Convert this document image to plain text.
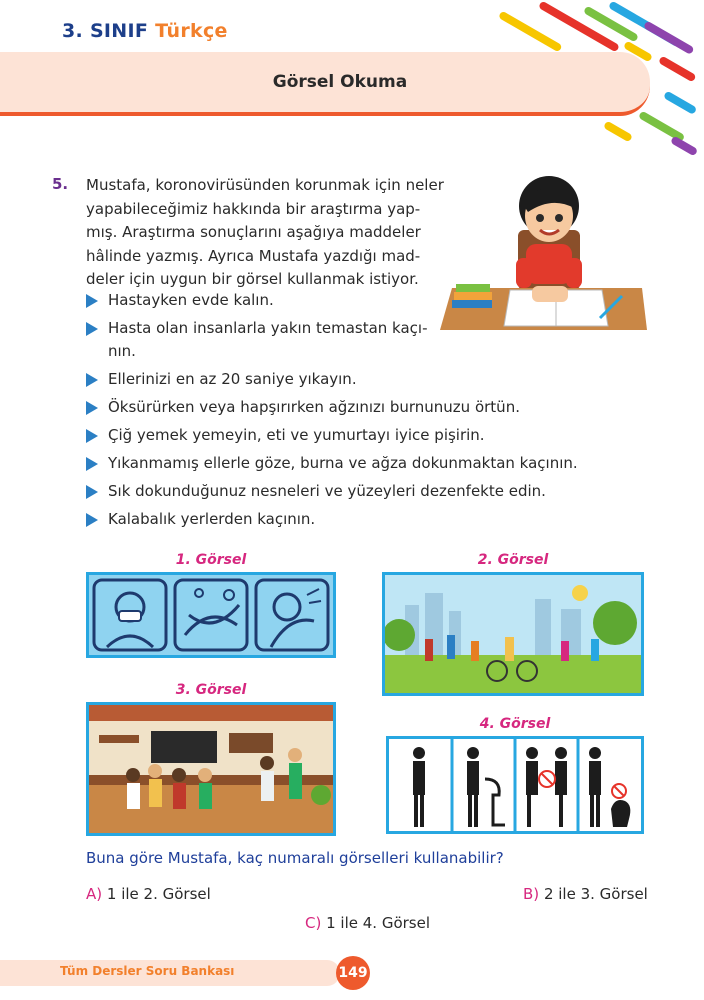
3. SINIF Türkçe
Görsel Okuma
5. Mustafa, koronovirüsünden korunmak için neler
yapabileceğimiz hakkında bir araştırma yap-
mış. Araştırma sonuçlarını aşağıya maddeler
hâlinde yazmış. Ayrıca Mustafa yazdığı mad-
deler için uygun bir görsel kullanmak istiyor.
Hastayken evde kalın.
Hasta olan insanlarla yakın temastan kaçı-
nın.
Ellerinizi en az 20 saniye yıkayın.
Öksürürken veya hapşırırken ağzınızı burnunuzu örtün.
Çiğ yemek yemeyin, eti ve yumurtayı iyice pişirin.
Yıkanmamış ellerle göze, burna ve ağza dokunmaktan kaçının.
Sık dokunduğunuz nesneleri ve yüzeyleri dezenfekte edin.
Kalabalık yerlerden kaçının.
1. Görsel	2. Görsel
3. Görsel
4. Görsel
Buna göre Mustafa, kaç numaralı görselleri kullanabilir?
A) 1 ile 2. Görsel	B) 2 ile 3. Görsel
C) 1 ile 4. Görsel
Tüm Dersler Soru Bankası	149
